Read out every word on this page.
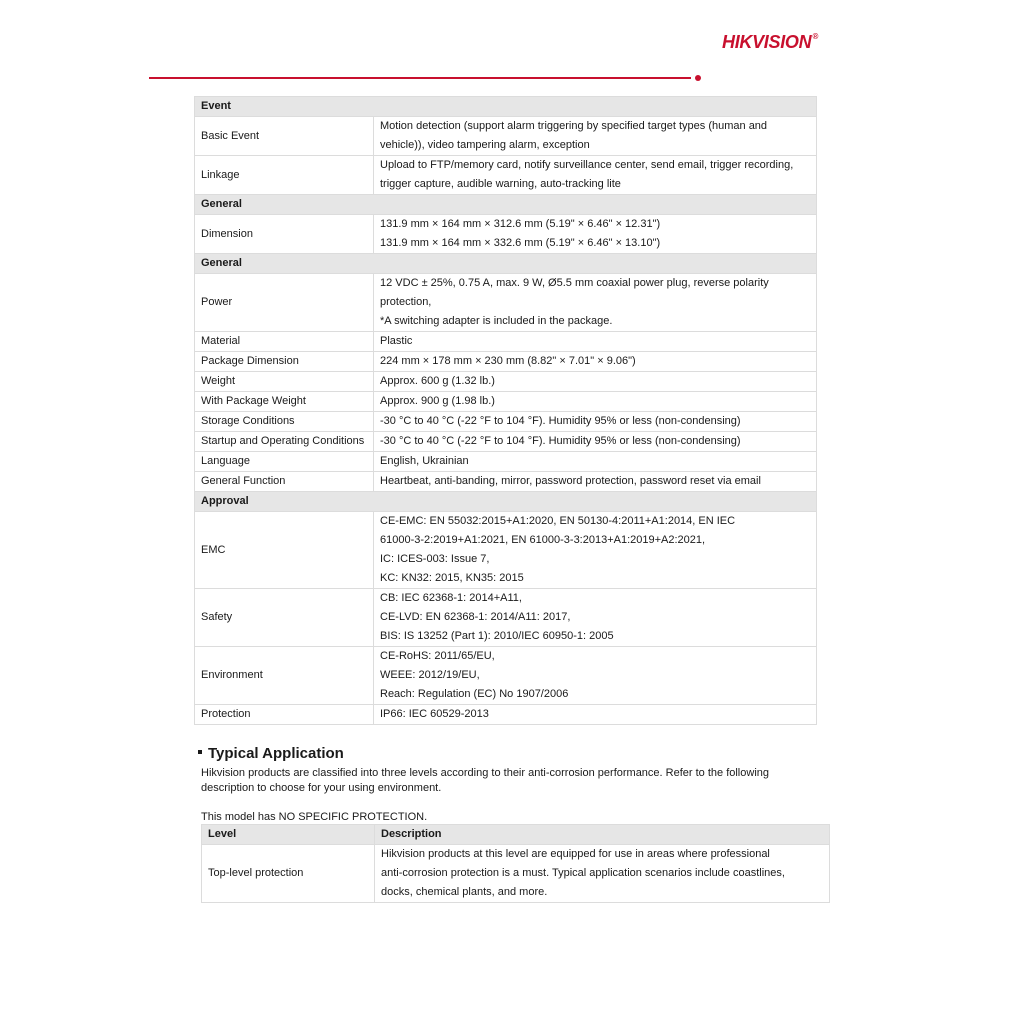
HIKVISION®
Event	
Basic Event	Motion detection (support alarm triggering by specified target types (human and
vehicle)), video tampering alarm, exception

Linkage	Upload to FTP/memory card, notify surveillance center, send email, trigger recording,
trigger capture, audible warning, auto-tracking lite

General	
Dimension	131.9 mm × 164 mm × 312.6 mm (5.19" × 6.46" × 12.31")
131.9 mm × 164 mm × 332.6 mm (5.19" × 6.46" × 13.10")

General	
Power	12 VDC ± 25%, 0.75 A, max. 9 W, Ø5.5 mm coaxial power plug, reverse polarity
protection,
*A switching adapter is included in the package.

Material	Plastic

Package Dimension	224 mm × 178 mm × 230 mm (8.82" × 7.01" × 9.06")

Weight	Approx. 600 g (1.32 lb.)

With Package Weight	Approx. 900 g (1.98 lb.)

Storage Conditions	-30 °C to 40 °C (-22 °F to 104 °F). Humidity 95% or less (non-condensing)

Startup and Operating Conditions	-30 °C to 40 °C (-22 °F to 104 °F). Humidity 95% or less (non-condensing)

Language	English, Ukrainian

General Function	Heartbeat, anti-banding, mirror, password protection, password reset via email

Approval	
EMC	CE-EMC: EN 55032:2015+A1:2020, EN 50130-4:2011+A1:2014, EN IEC
61000-3-2:2019+A1:2021, EN 61000-3-3:2013+A1:2019+A2:2021,
IC: ICES-003: Issue 7,
KC: KN32: 2015, KN35: 2015

Safety	CB: IEC 62368-1: 2014+A11,
CE-LVD: EN 62368-1: 2014/A11: 2017,
BIS: IS 13252 (Part 1): 2010/IEC 60950-1: 2005

Environment	CE-RoHS: 2011/65/EU,
WEEE: 2012/19/EU,
Reach: Regulation (EC) No 1907/2006

Protection	IP66: IEC 60529-2013
Typical Application
Hikvision products are classified into three levels according to their anti-corrosion performance. Refer to the following description to choose for your using environment.
This model has NO SPECIFIC PROTECTION.
Level	Description
Top-level protection	Hikvision products at this level are equipped for use in areas where professional
anti-corrosion protection is a must. Typical application scenarios include coastlines,
docks, chemical plants, and more.
